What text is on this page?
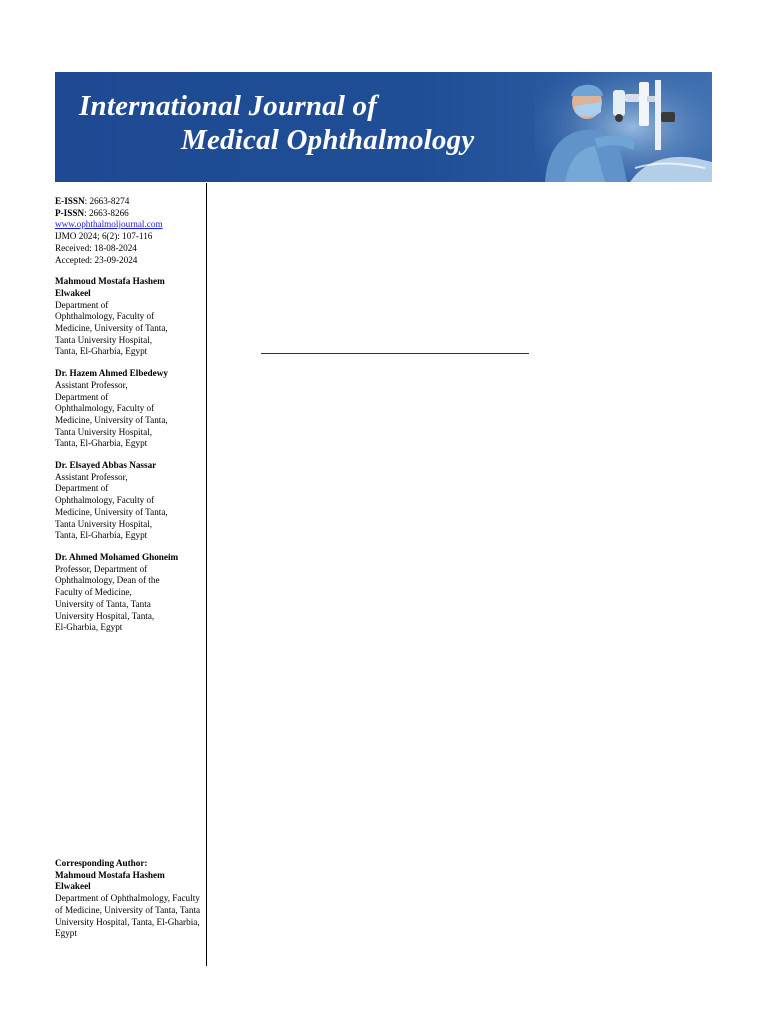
International Journal of
Medical Ophthalmology
E-ISSN: 2663-8274
P-ISSN: 2663-8266
www.ophthalmoljournal.com
IJMO 2024; 6(2): 107-116
Received: 18-08-2024
Accepted: 23-09-2024
Mahmoud Mostafa Hashem
Elwakeel
Department of
Ophthalmology, Faculty of
Medicine, University of Tanta,
Tanta University Hospital,
Tanta, El-Gharbia, Egypt
Dr. Hazem Ahmed Elbedewy
Assistant Professor,
Department of
Ophthalmology, Faculty of
Medicine, University of Tanta,
Tanta University Hospital,
Tanta, El-Gharbia, Egypt
Dr. Elsayed Abbas Nassar
Assistant Professor,
Department of
Ophthalmology, Faculty of
Medicine, University of Tanta,
Tanta University Hospital,
Tanta, El-Gharbia, Egypt
Dr. Ahmed Mohamed Ghoneim
Professor, Department of
Ophthalmology, Dean of the
Faculty of Medicine,
University of Tanta, Tanta
University Hospital, Tanta,
El-Gharbia, Egypt
Corresponding Author:
Mahmoud Mostafa Hashem
Elwakeel
Department of Ophthalmology, Faculty of Medicine, University of Tanta, Tanta University Hospital, Tanta, El-Gharbia, Egypt
